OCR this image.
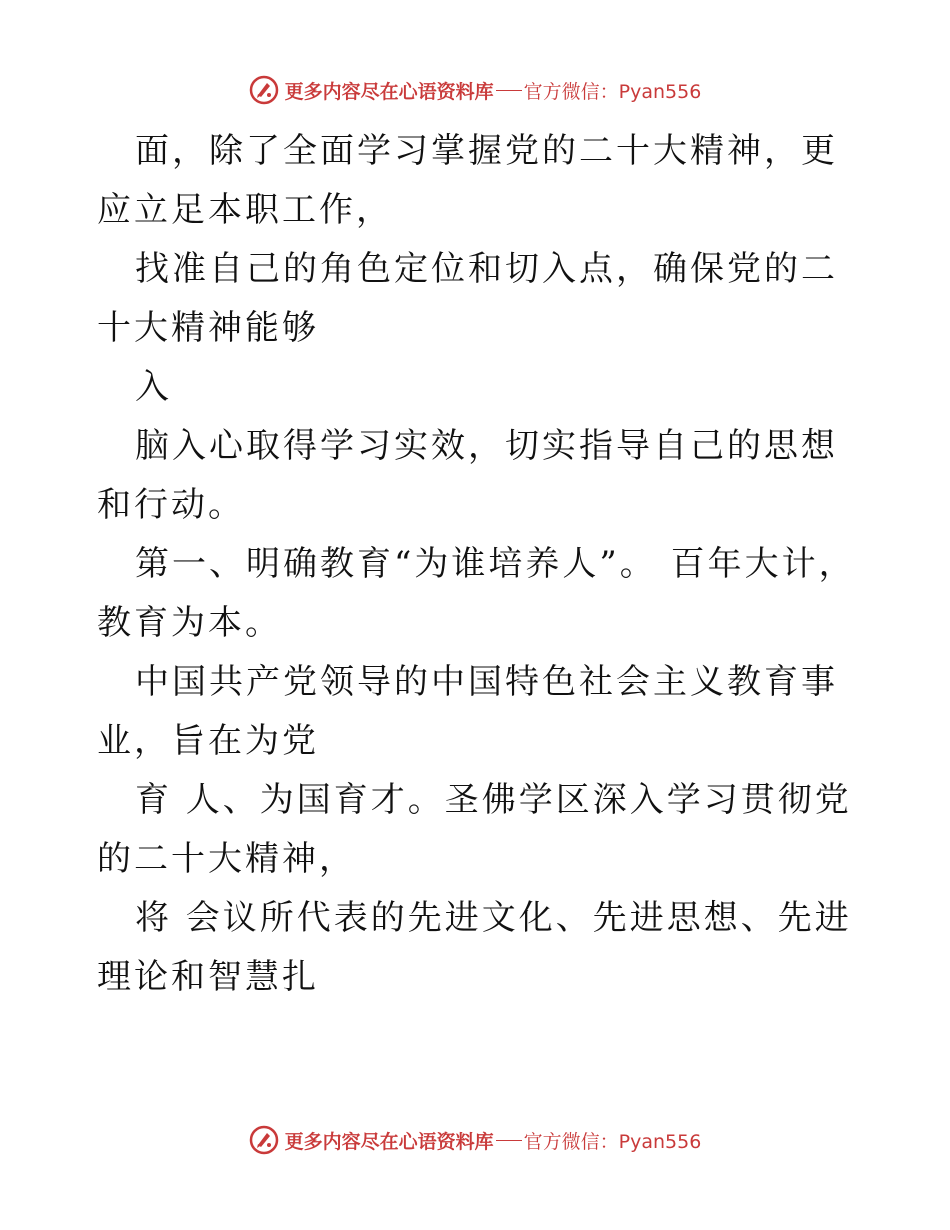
更多内容尽在心语资料库 官方微信：Pyan556

面，除了全面学习掌握党的二十大精神，更应立足本职工作，

找准自己的角色定位和切入点，确保党的二十大精神能够

入

脑入心取得学习实效，切实指导自己的思想和行动。

第一、明确教育“为谁培养人”。 百年大计，教育为本。

中国共产党领导的中国特色社会主义教育事业，旨在为党

育 人、为国育才。圣佛学区深入学习贯彻党的二十大精神，

将 会议所代表的先进文化、先进思想、先进理论和智慧扎

更多内容尽在心语资料库 官方微信：Pyan556
